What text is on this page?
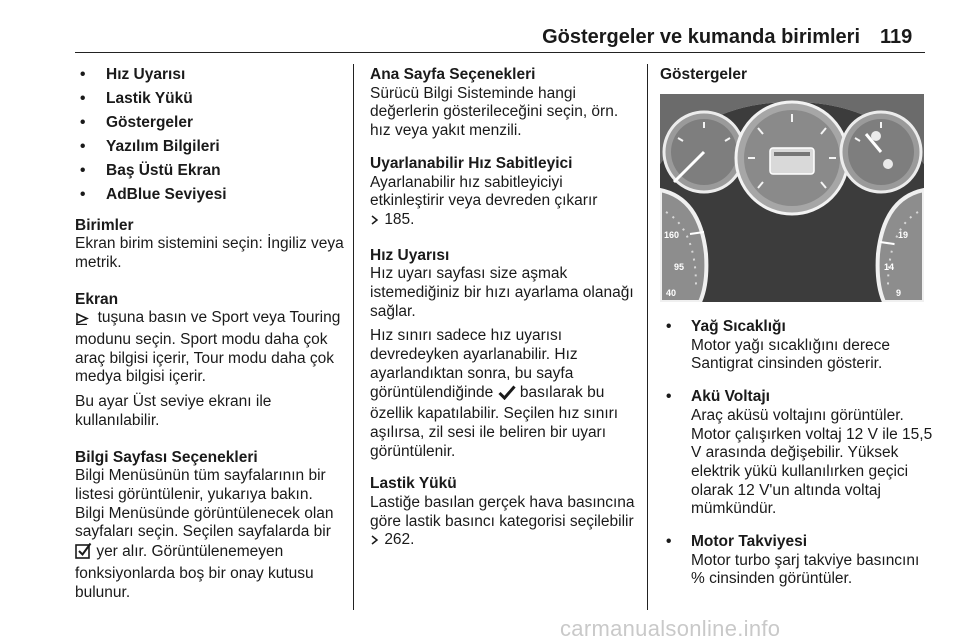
Göstergeler ve kumanda birimleri 119
• Hız Uyarısı
• Lastik Yükü
• Göstergeler
• Yazılım Bilgileri
• Baş Üstü Ekran
• AdBlue Seviyesi

Birimler

Ekran birim sistemini seçin: İngiliz veya metrik.

Ekran

tuşuna basın ve Sport veya Touring modunu seçin. Sport modu daha çok araç bilgisi içerir, Tour modu daha çok medya bilgisi içerir.

Bu ayar Üst seviye ekranı ile kullanılabilir.

Bilgi Sayfası Seçenekleri

Bilgi Menüsünün tüm sayfalarının bir listesi görüntülenir, yukarıya bakın. Bilgi Menüsünde görüntülenecek olan sayfaları seçin. Seçilen sayfalarda bir  yer alır. Görüntülenemeyen fonksiyonlarda boş bir onay kutusu bulunur.

Ana Sayfa Seçenekleri

Sürücü Bilgi Sisteminde hangi değerlerin gösterileceğini seçin, örn. hız veya yakıt menzili.

Uyarlanabilir Hız Sabitleyici

Ayarlanabilir hız sabitleyiciyi etkinleştirir veya devreden çıkarır
185.

Hız Uyarısı

Hız uyarı sayfası size aşmak istemediğiniz bir hızı ayarlama olanağı sağlar.

Hız sınırı sadece hız uyarısı devredeyken ayarlanabilir. Hız ayarlandıktan sonra, bu sayfa görüntülendiğinde basılarak bu özellik kapatılabilir. Seçilen hız sınırı aşılırsa, zil sesi ile beliren bir uyarı görüntülenir.

Lastik Yükü

Lastiğe basılan gerçek hava basıncına göre lastik basıncı kategorisi seçilebilir  262.

Göstergeler

160
95
40
19
14
9

• Yağ Sıcaklığı

Motor yağı sıcaklığını derece Santigrat cinsinden gösterir.

• Akü Voltajı

Araç aküsü voltajını görüntüler. Motor çalışırken voltaj 12 V ile 15,5 V arasında değişebilir. Yüksek elektrik yükü kullanılırken geçici olarak 12 V'un altında voltaj mümkündür.

• Motor Takviyesi

Motor turbo şarj takviye basıncını % cinsinden görüntüler.

carmanualsonline.info
